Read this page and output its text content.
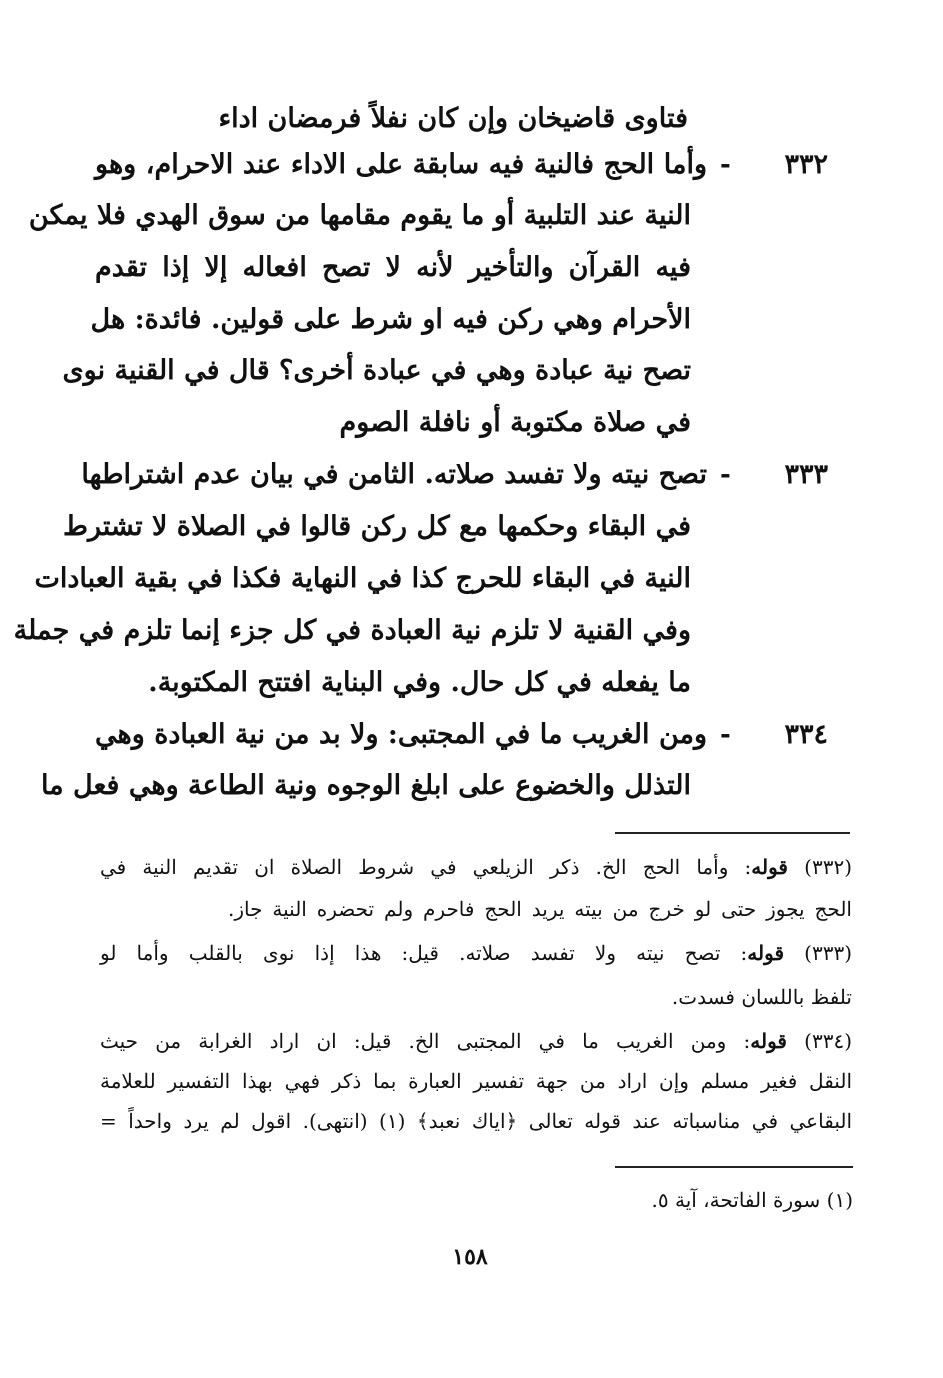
فتاوى قاضيخان وإن كان نفلاً فرمضان اداء
٣٣٢
-
وأما الحج فالنية فيه سابقة على الاداء عند الاحرام، وهو
النية عند التلبية أو ما يقوم مقامها من سوق الهدي فلا يمكن
فيه القرآن والتأخير لأنه لا تصح افعاله إلا إذا تقدم
الأحرام وهي ركن فيه او شرط على قولين. فائدة: هل
تصح نية عبادة وهي في عبادة أخرى؟ قال في القنية نوى
في صلاة مكتوبة أو نافلة الصوم
٣٣٣
-
تصح نيته ولا تفسد صلاته. الثامن في بيان عدم اشتراطها
في البقاء وحكمها مع كل ركن قالوا في الصلاة لا تشترط
النية في البقاء للحرج كذا في النهاية فكذا في بقية العبادات
وفي القنية لا تلزم نية العبادة في كل جزء إنما تلزم في جملة
ما يفعله في كل حال. وفي البناية افتتح المكتوبة.
٣٣٤
-
ومن الغريب ما في المجتبى: ولا بد من نية العبادة وهي
التذلل والخضوع على ابلغ الوجوه ونية الطاعة وهي فعل ما
(٣٣٢) قوله: وأما الحج الخ. ذكر الزيلعي في شروط الصلاة ان تقديم النية في
الحج يجوز حتى لو خرج من بيته يريد الحج فاحرم ولم تحضره النية جاز.
(٣٣٣) قوله: تصح نيته ولا تفسد صلاته. قيل: هذا إذا نوى بالقلب وأما لو
تلفظ باللسان فسدت.
(٣٣٤) قوله: ومن الغريب ما في المجتبى الخ. قيل: ان اراد الغرابة من حيث
النقل فغير مسلم وإن اراد من جهة تفسير العبارة بما ذكر فهي بهذا التفسير للعلامة
البقاعي في مناسباته عند قوله تعالى ﴿اياك نعبد﴾ (١) (انتهى). اقول لم يرد واحداً =
(١) سورة الفاتحة، آية ٥.
١٥٨
